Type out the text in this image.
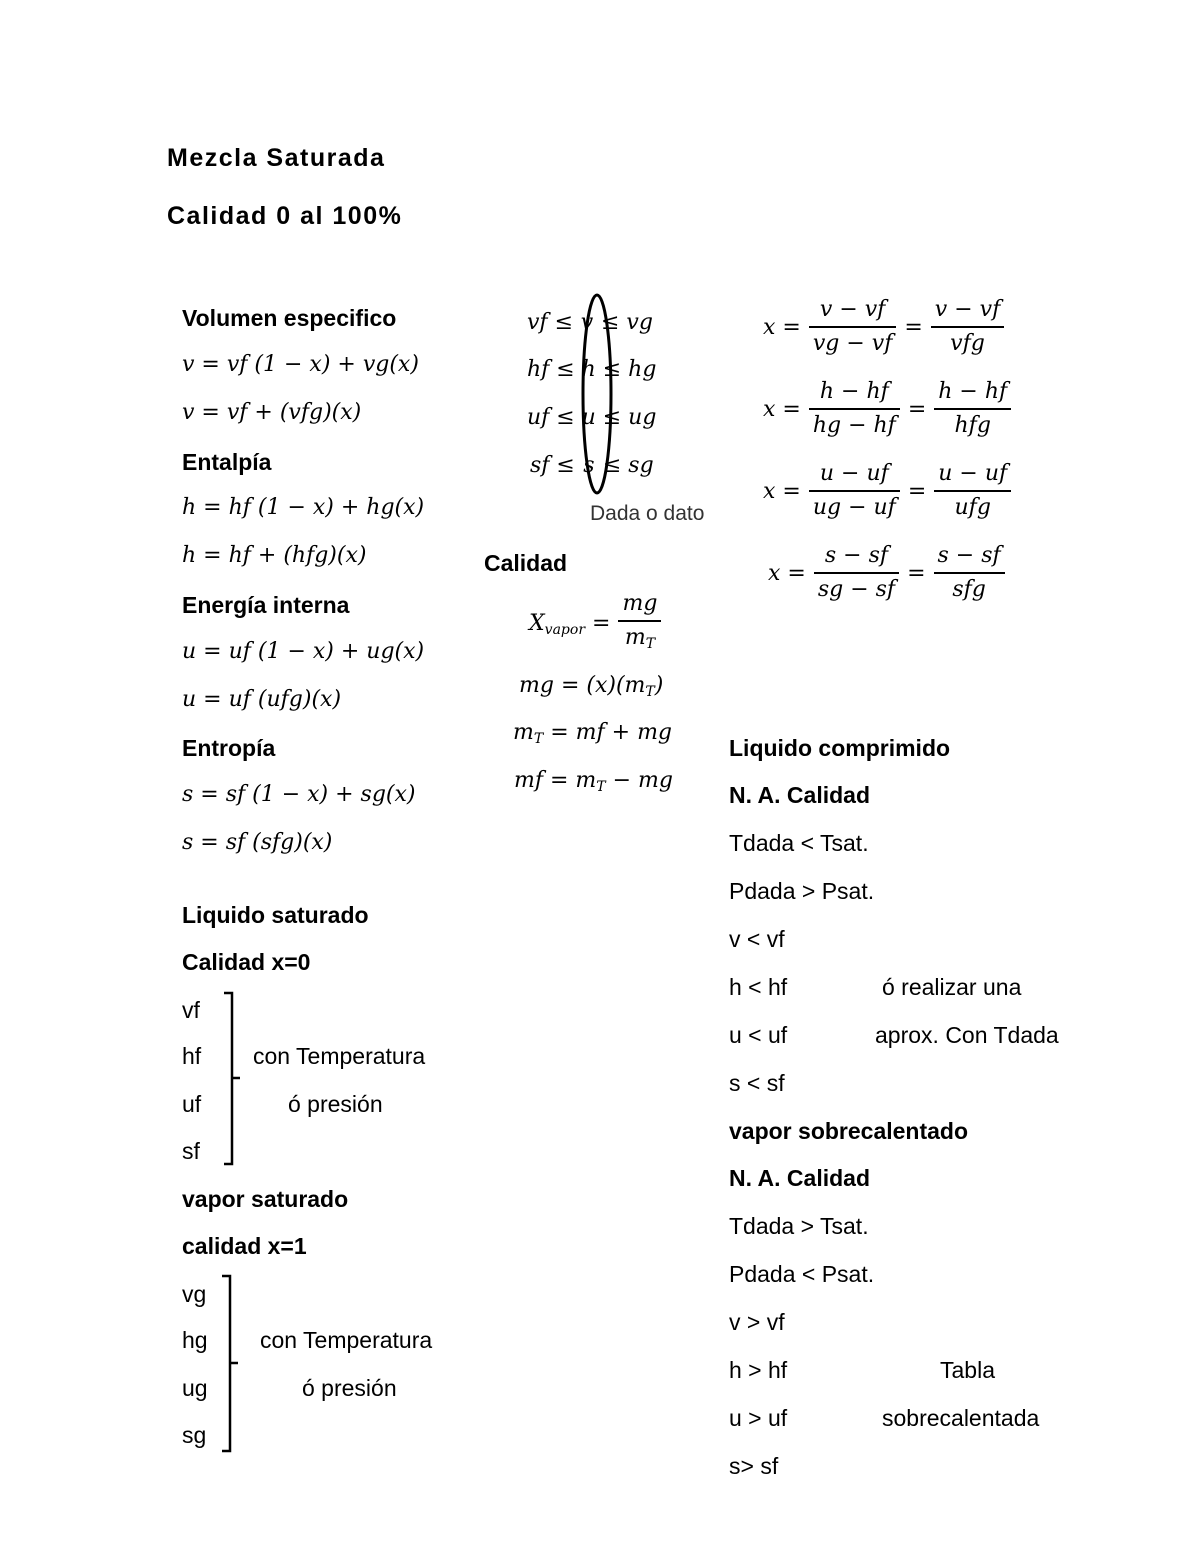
Mezcla Saturada
Calidad 0 al 100%
Volumen especifico
v = vf (1 − x) + vg(x)
v = vf + (vfg)(x)
Entalpía
h = hf (1 − x) + hg(x)
h = hf + (hfg)(x)
Energía interna
u = uf (1 − x) + ug(x)
u = uf (ufg)(x)
Entropía
s = sf (1 − x) + sg(x)
s = sf (sfg)(x)
Liquido saturado
Calidad x=0
vf
hf
uf
sf
con Temperatura
ó presión
vapor saturado
calidad x=1
vg
hg
ug
sg
con Temperatura
ó presión
vf ≤ v ≤ vg
hf ≤ h ≤ hg
uf ≤ u ≤ ug
sf ≤ s ≤ sg
Dada o dato
Calidad
$X_{vapor} = \frac{mg}{m_T}$
mg = $(x)(m_T)$
$m_T$ = mf + mg
mf = $m_T$ − mg
$x = \frac{v - vf}{vg - vf} = \frac{v - vf}{\text{vfg}}$
$x = \frac{h - hf}{hg - hf} = \frac{h - hf}{\text{hfg}}$
$x = \frac{u - uf}{ug - uf} = \frac{u - uf}{\text{ufg}}$
$x = \frac{s - sf}{sg - sf} = \frac{s - sf}{\text{sfg}}$
Liquido comprimido
N. A. Calidad
Tdada < Tsat.
Pdada > Psat.
v < vf
h < hf
u < uf
s < sf
ó realizar una
aprox. Con Tdada
vapor sobrecalentado
N. A. Calidad
Tdada > Tsat.
Pdada < Psat.
v > vf
h > hf
u > uf
s> sf
Tabla
sobrecalentada
